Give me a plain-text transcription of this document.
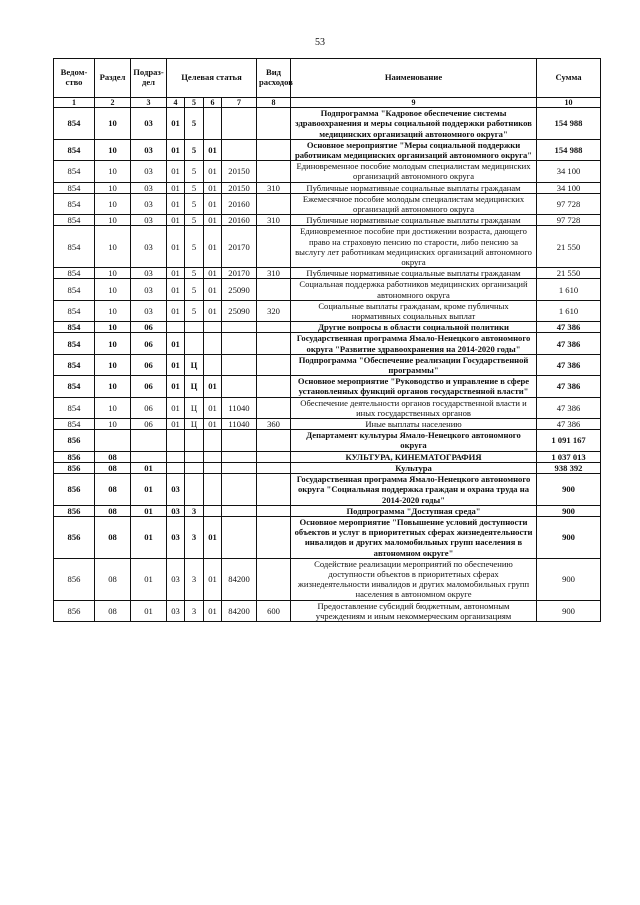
53
Ведом-ство	Раздел	Подраз-дел	Целевая статья				Вид расходов	Наименование	Сумма
1	2	3	4	5	6	7	8	9	10
854	10	03	01	5				Подпрограмма "Кадровое обеспечение системы здравоохранения и меры социальной поддержки работников медицинских организаций автономного округа"	154 988
854	10	03	01	5	01			Основное мероприятие "Меры социальной поддержки работникам медицинских организаций автономного округа"	154 988
854	10	03	01	5	01	20150		Единовременное пособие молодым специалистам медицинских организаций автономного округа	34 100
854	10	03	01	5	01	20150	310	Публичные нормативные социальные выплаты гражданам	34 100
854	10	03	01	5	01	20160		Ежемесячное пособие молодым специалистам медицинских организаций автономного округа	97 728
854	10	03	01	5	01	20160	310	Публичные нормативные социальные выплаты гражданам	97 728
854	10	03	01	5	01	20170		Единовременное пособие при достижении возраста, дающего право на страховую пенсию по старости, либо пенсию за выслугу лет работникам медицинских организаций автономного округа	21 550
854	10	03	01	5	01	20170	310	Публичные нормативные социальные выплаты гражданам	21 550
854	10	03	01	5	01	25090		Социальная поддержка работников медицинских организаций автономного округа	1 610
854	10	03	01	5	01	25090	320	Социальные выплаты гражданам, кроме публичных нормативных социальных выплат	1 610
854	10	06						Другие вопросы в области социальной политики	47 386
854	10	06	01					Государственная программа Ямало-Ненецкого автономного округа "Развитие здравоохранения на 2014-2020 годы"	47 386
854	10	06	01	Ц				Подпрограмма "Обеспечение реализации Государственной программы"	47 386
854	10	06	01	Ц	01			Основное мероприятие "Руководство и управление в сфере установленных функций органов государственной власти"	47 386
854	10	06	01	Ц	01	11040		Обеспечение деятельности органов государственной власти и иных государственных органов	47 386
854	10	06	01	Ц	01	11040	360	Иные выплаты населению	47 386
856								Департамент культуры Ямало-Ненецкого автономного округа	1 091 167
856	08							КУЛЬТУРА, КИНЕМАТОГРАФИЯ	1 037 013
856	08	01						Культура	938 392
856	08	01	03					Государственная программа Ямало-Ненецкого автономного округа "Социальная поддержка граждан и охрана труда на 2014-2020 годы"	900
856	08	01	03	3				Подпрограмма "Доступная среда"	900
856	08	01	03	3	01			Основное мероприятие "Повышение условий доступности объектов и услуг в приоритетных сферах жизнедеятельности инвалидов и других маломобильных групп населения в автономном округе"	900
856	08	01	03	3	01	84200		Содействие реализации мероприятий по обеспечению доступности объектов в приоритетных сферах жизнедеятельности инвалидов и других маломобильных групп населения в автономном округе	900
856	08	01	03	3	01	84200	600	Предоставление субсидий бюджетным, автономным учреждениям и иным некоммерческим организациям	900
